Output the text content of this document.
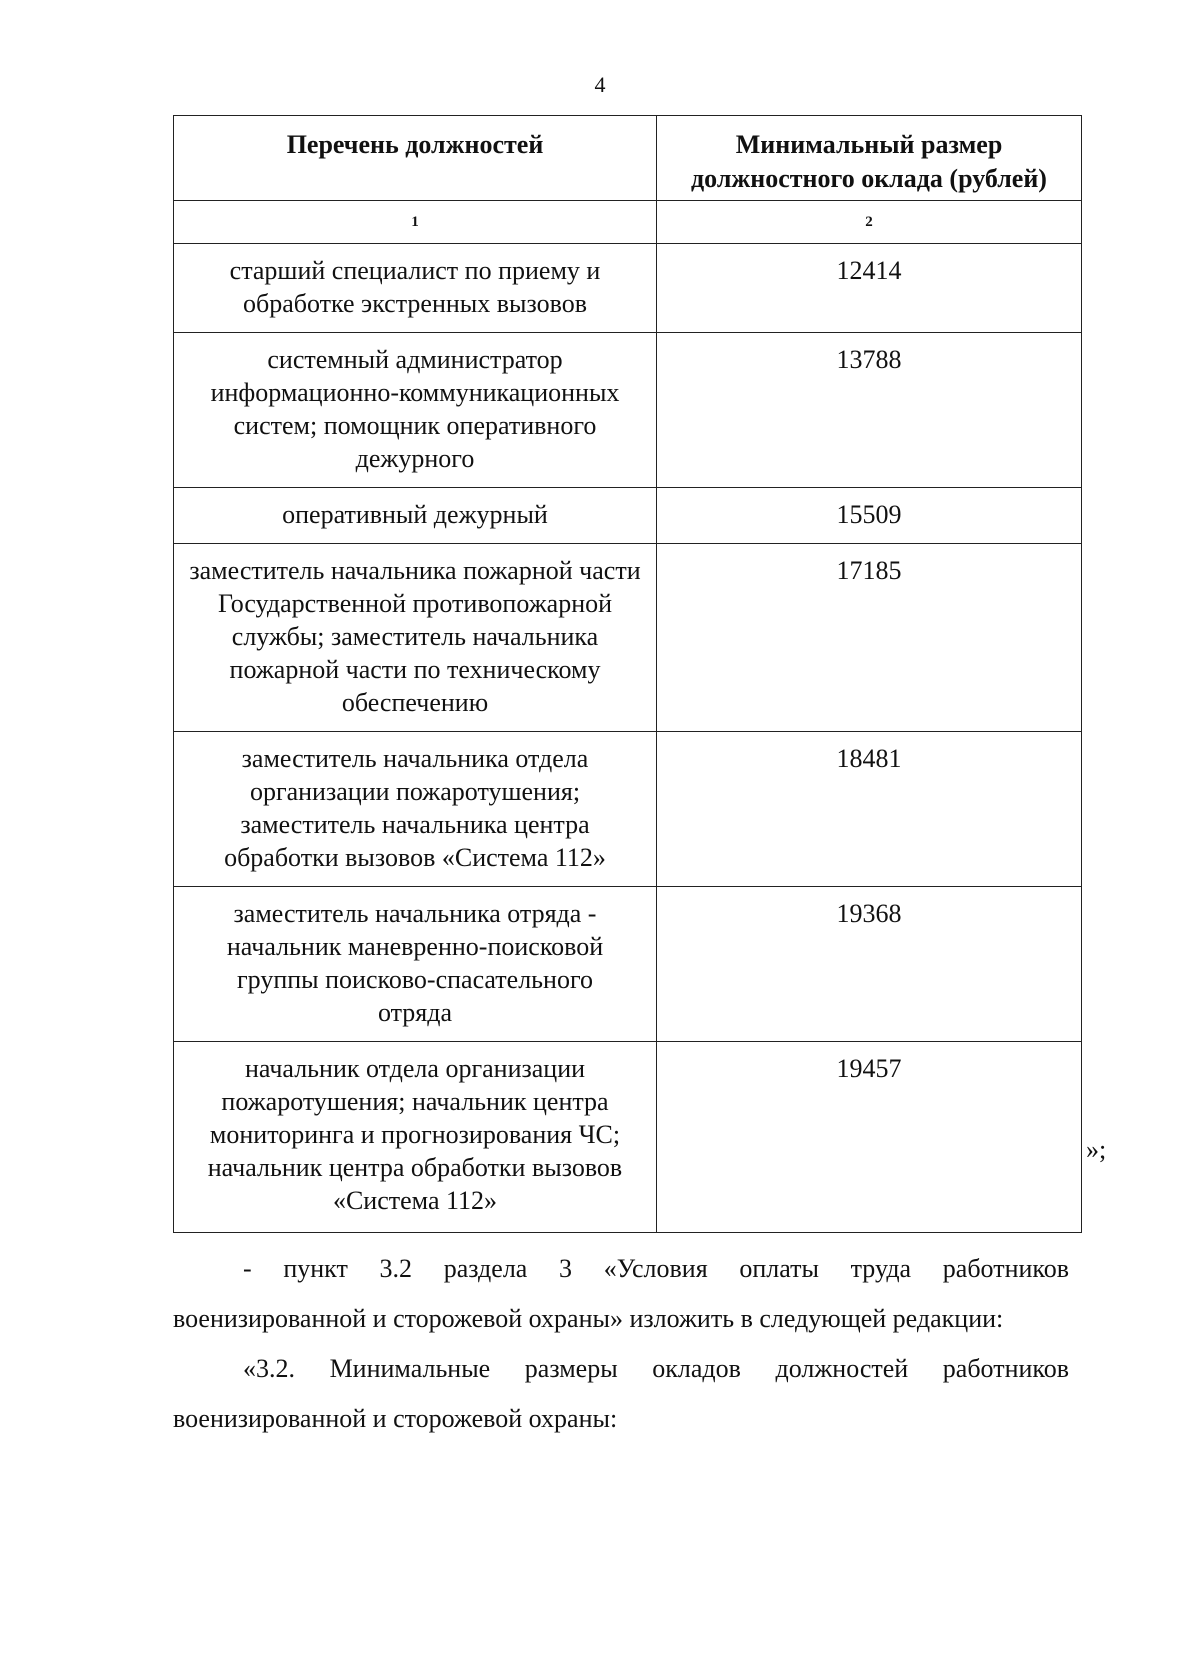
4
Перечень должностей	Минимальный размер должностного оклада (рублей)
1	2
старший специалист по приему и обработке экстренных вызовов	12414
системный администратор информационно-коммуникационных систем; помощник оперативного дежурного	13788
оперативный дежурный	15509
заместитель начальника пожарной части Государственной противопожарной службы; заместитель начальника пожарной части по техническому обеспечению	17185
заместитель начальника отдела организации пожаротушения; заместитель начальника центра обработки вызовов «Система 112»	18481
заместитель начальника отряда - начальник маневренно-поисковой группы поисково-спасательного отряда	19368
начальник отдела организации пожаротушения; начальник центра мониторинга и прогнозирования ЧС; начальник центра обработки вызовов «Система 112»	19457
»;
- пункт 3.2 раздела 3 «Условия оплаты труда работников
военизированной и сторожевой охраны» изложить в следующей редакции:
«3.2. Минимальные размеры окладов должностей работников
военизированной и сторожевой охраны:
